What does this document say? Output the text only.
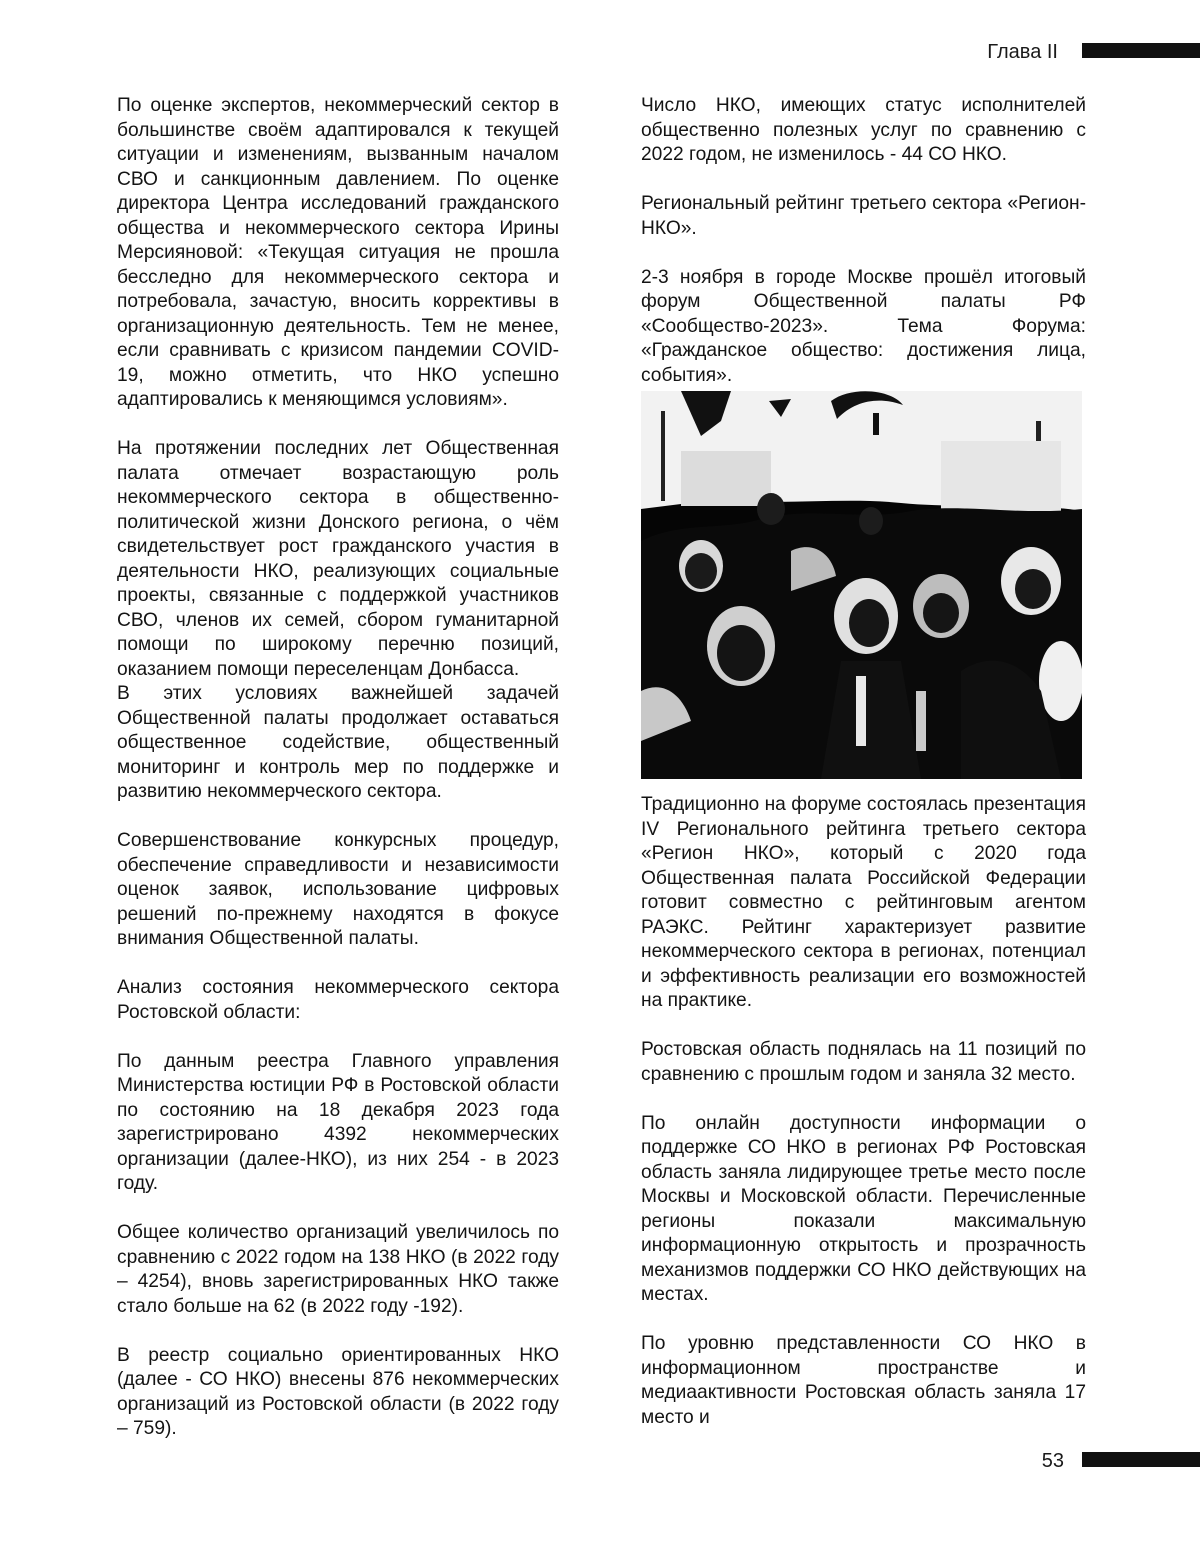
Глава II

По оценке экспертов, некоммерческий сектор в большинстве своём адаптировался к текущей ситуации и изменениям, вызванным началом СВО и санкционным давлением. По оценке директора Центра исследований гражданского общества и некоммерческого сектора Ирины Мерсияновой: «Текущая ситуация не прошла бесследно для некоммерческого сектора и потребовала, зачастую, вносить коррективы в организационную деятельность. Тем не менее, если сравнивать с кризисом пандемии COVID-19, можно отметить, что НКО успешно адаптировались к меняющимся условиям».

На протяжении последних лет Общественная палата отмечает возрастающую роль некоммерческого сектора в общественно-политической жизни Донского региона, о чём свидетельствует рост гражданского участия в деятельности НКО, реализующих социальные проекты, связанные с поддержкой участников СВО, членов их семей, сбором гуманитарной помощи по широкому перечню позиций, оказанием помощи переселенцам Донбасса.

В этих условиях важнейшей задачей Общественной палаты продолжает оставаться общественное содействие, общественный мониторинг и контроль мер по поддержке и развитию некоммерческого сектора.

Совершенствование конкурсных процедур, обеспечение справедливости и независимости оценок заявок, использование цифровых решений по-прежнему находятся в фокусе внимания Общественной палаты.

Анализ состояния некоммерческого сектора Ростовской области:

По данным реестра Главного управления Министерства юстиции РФ в Ростовской области по состоянию на 18 декабря 2023 года зарегистрировано 4392 некоммерческих организации (далее-НКО), из них 254 - в 2023 году.

Общее количество организаций увеличилось по сравнению с 2022 годом на 138 НКО (в 2022 году – 4254), вновь зарегистрированных НКО также стало больше на 62 (в 2022 году -192).

В реестр социально ориентированных НКО (далее - СО НКО) внесены 876 некоммерческих организаций из Ростовской области (в 2022 году – 759).

Число НКО, имеющих статус исполнителей общественно полезных услуг по сравнению с 2022 годом, не изменилось - 44 СО НКО.

Региональный рейтинг третьего сектора «Регион-НКО».

2-3 ноября в городе Москве прошёл итоговый форум Общественной палаты РФ «Сообщество-2023». Тема Форума: «Гражданское общество: достижения лица, события».

Традиционно на форуме состоялась презентация IV Регионального рейтинга третьего сектора «Регион НКО», который с 2020 года Общественная палата Российской Федерации готовит совместно с рейтинговым агентом РАЭКС. Рейтинг характеризует развитие некоммерческого сектора в регионах, потенциал и эффективность реализации его возможностей на практике.

Ростовская область поднялась на 11 позиций по сравнению с прошлым годом и заняла 32 место.

По онлайн доступности информации о поддержке СО НКО в регионах РФ Ростовская область заняла лидирующее третье место после Москвы и Московской области. Перечисленные регионы показали максимальную информационную открытость и прозрачность механизмов поддержки СО НКО действующих на местах.

По уровню представленности СО НКО в информационном пространстве и медиаактивности Ростовская область заняла 17 место и

53
